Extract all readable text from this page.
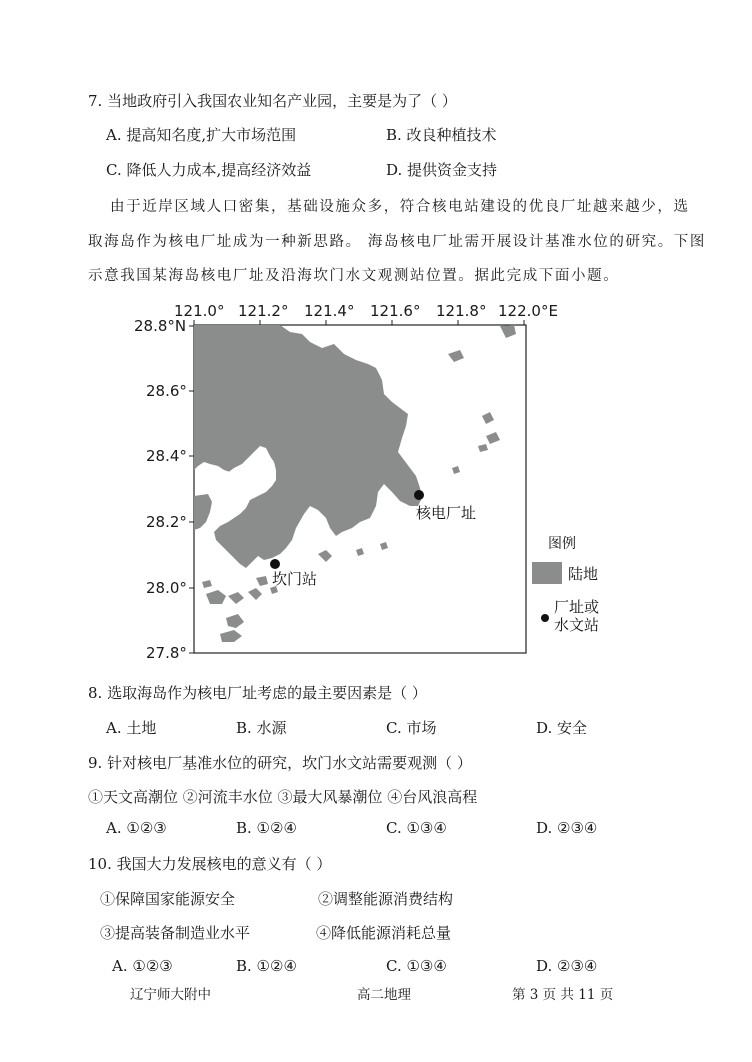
7. 当地政府引入我国农业知名产业园，主要是为了（ ）
A. 提高知名度,扩大市场范围	B. 改良种植技术
C. 降低人力成本,提高经济效益	D. 提供资金支持
由于近岸区域人口密集，基础设施众多，符合核电站建设的优良厂址越来越少，选
取海岛作为核电厂址成为一种新思路。 海岛核电厂址需开展设计基准水位的研究。下图
示意我国某海岛核电厂址及沿海坎门水文观测站位置。据此完成下面小题。
121.0° 121.2° 121.4° 121.6° 121.8° 122.0°E
28.8°N
28.6°
28.4°
28.2°
28.0°
27.8°
核电厂址
坎门站
图例
陆地
厂址或
水文站
8. 选取海岛作为核电厂址考虑的最主要因素是（ ）
A. 土地	B. 水源	C. 市场	D. 安全
9. 针对核电厂基准水位的研究，坎门水文站需要观测（ ）
①天文高潮位 ②河流丰水位 ③最大风暴潮位 ④台风浪高程
A. ①②③	B. ①②④	C. ①③④	D. ②③④
10. 我国大力发展核电的意义有（ ）
①保障国家能源安全	②调整能源消费结构
③提高装备制造业水平	④降低能源消耗总量
A. ①②③	B. ①②④	C. ①③④	D. ②③④
辽宁师大附中	高二地理	第 3 页 共 11 页
